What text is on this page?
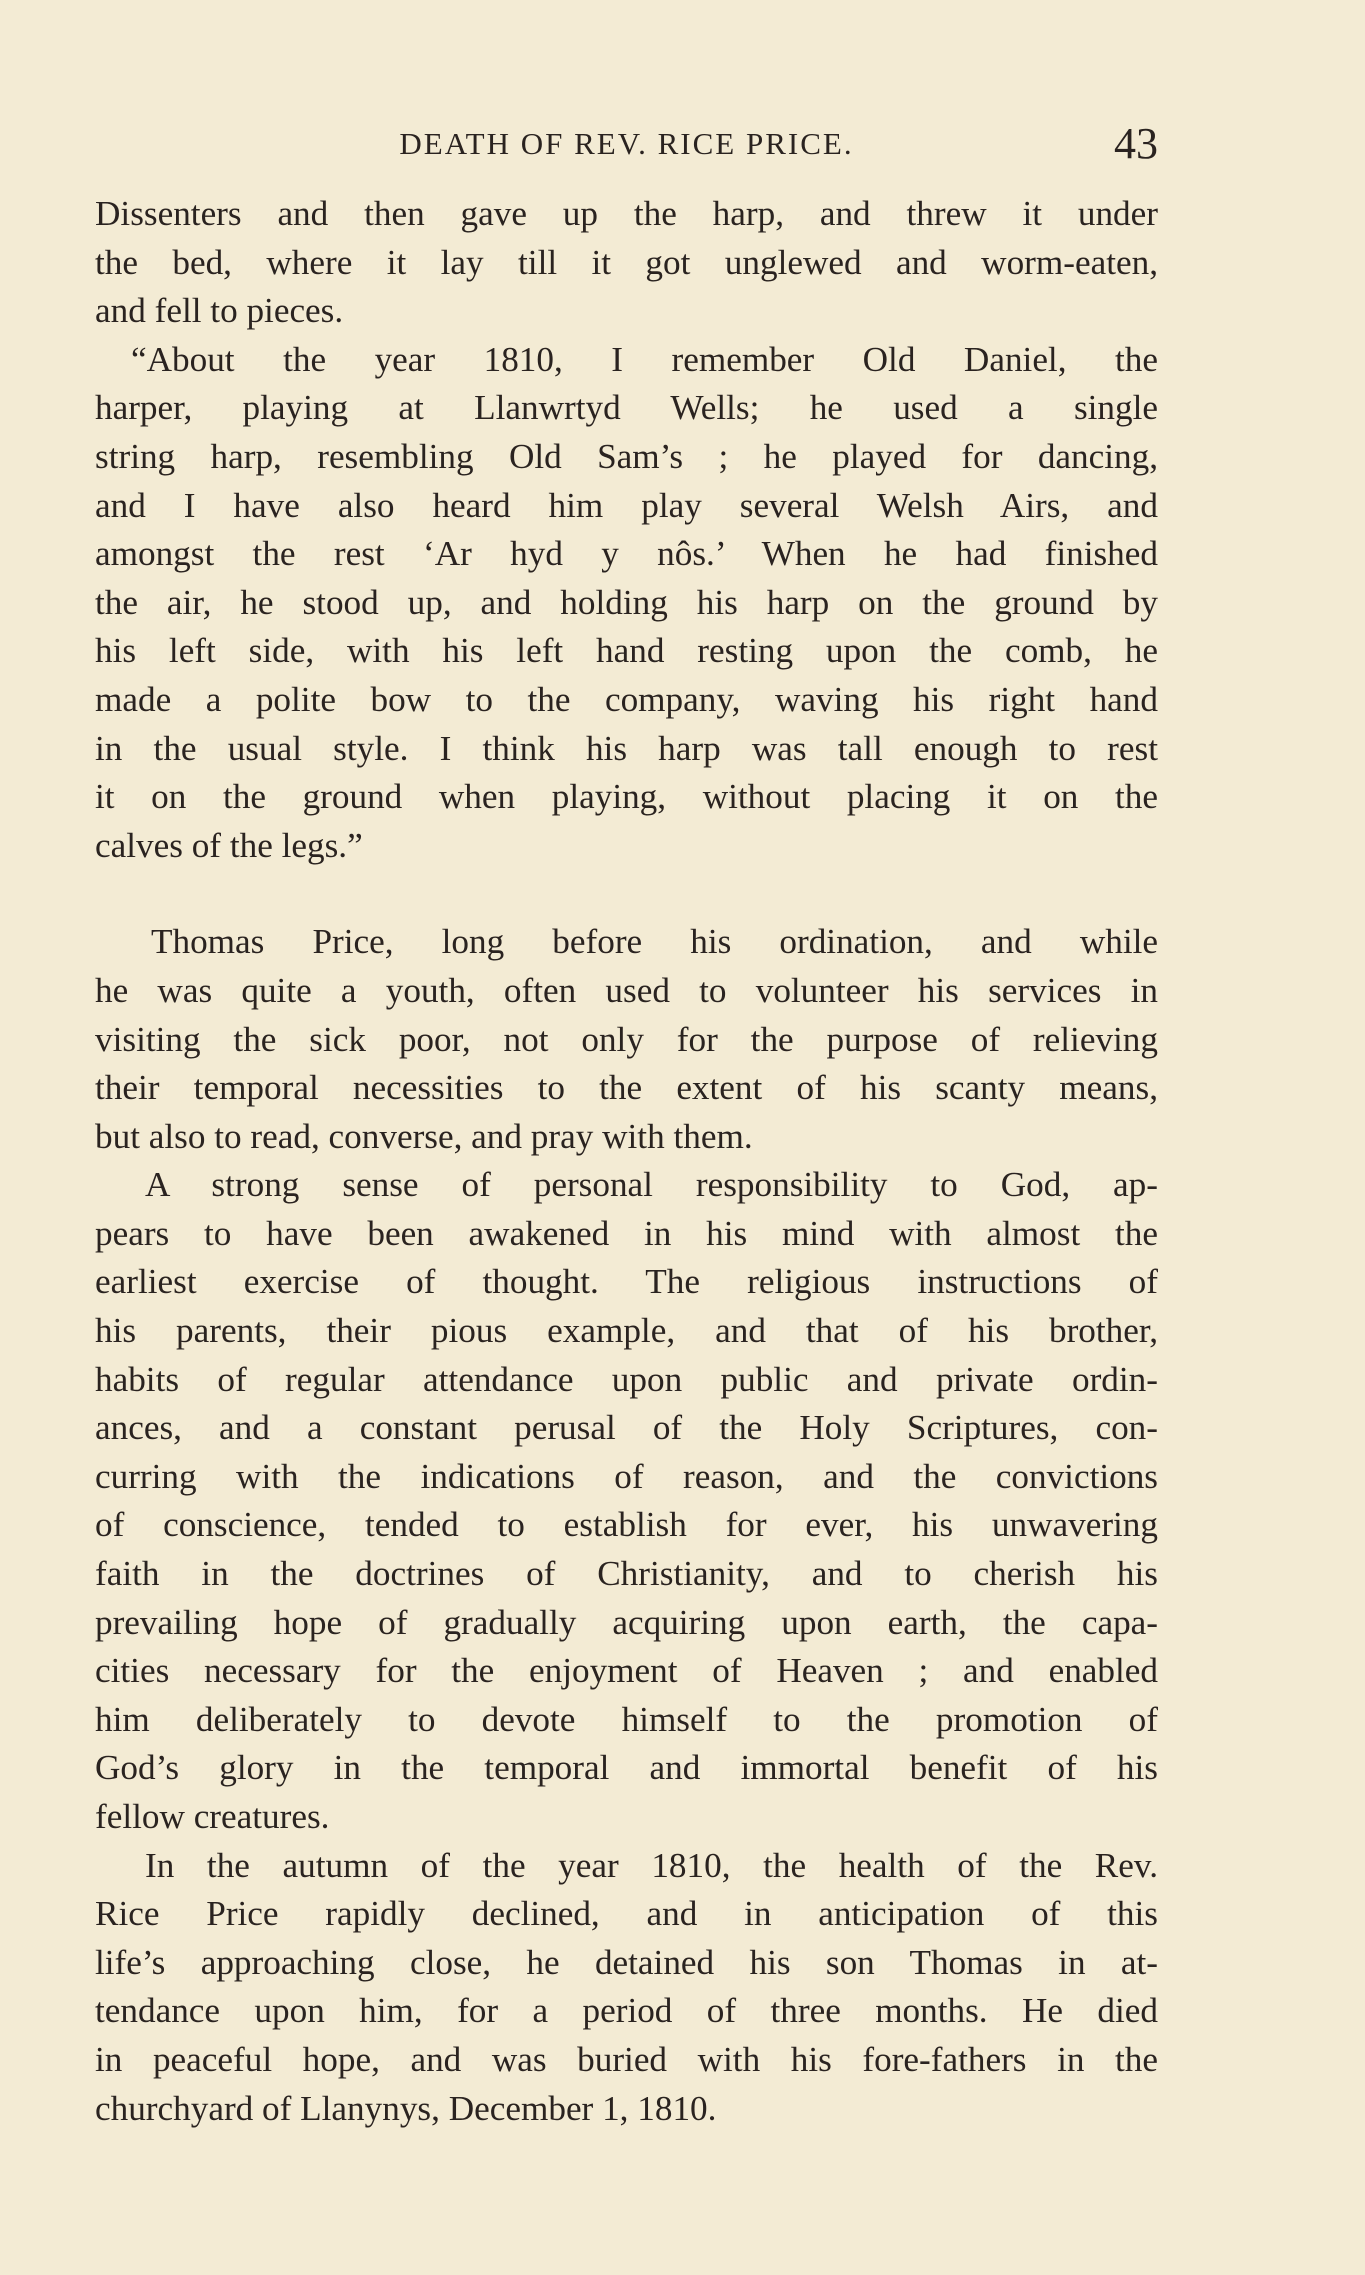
DEATH OF REV. RICE PRICE.	43

Dissenters and then gave up the harp, and threw it under
the bed, where it lay till it got unglewed and worm-eaten,
and fell to pieces.

“About the year 1810, I remember Old Daniel, the
harper, playing at Llanwrtyd Wells; he used a single
string harp, resembling Old Sam’s ; he played for dancing,
and I have also heard him play several Welsh Airs, and
amongst the rest ‘Ar hyd y nôs.’ When he had finished
the air, he stood up, and holding his harp on the ground by
his left side, with his left hand resting upon the comb, he
made a polite bow to the company, waving his right hand
in the usual style. I think his harp was tall enough to rest
it on the ground when playing, without placing it on the
calves of the legs.”

Thomas Price, long before his ordination, and while
he was quite a youth, often used to volunteer his services in
visiting the sick poor, not only for the purpose of relieving
their temporal necessities to the extent of his scanty means,
but also to read, converse, and pray with them.

A strong sense of personal responsibility to God, ap-
pears to have been awakened in his mind with almost the
earliest exercise of thought. The religious instructions of
his parents, their pious example, and that of his brother,
habits of regular attendance upon public and private ordin-
ances, and a constant perusal of the Holy Scriptures, con-
curring with the indications of reason, and the convictions
of conscience, tended to establish for ever, his unwavering
faith in the doctrines of Christianity, and to cherish his
prevailing hope of gradually acquiring upon earth, the capa-
cities necessary for the enjoyment of Heaven ; and enabled
him deliberately to devote himself to the promotion of
God’s glory in the temporal and immortal benefit of his
fellow creatures.

In the autumn of the year 1810, the health of the Rev.
Rice Price rapidly declined, and in anticipation of this
life’s approaching close, he detained his son Thomas in at-
tendance upon him, for a period of three months. He died
in peaceful hope, and was buried with his fore-fathers in the
churchyard of Llanynys, December 1, 1810.
